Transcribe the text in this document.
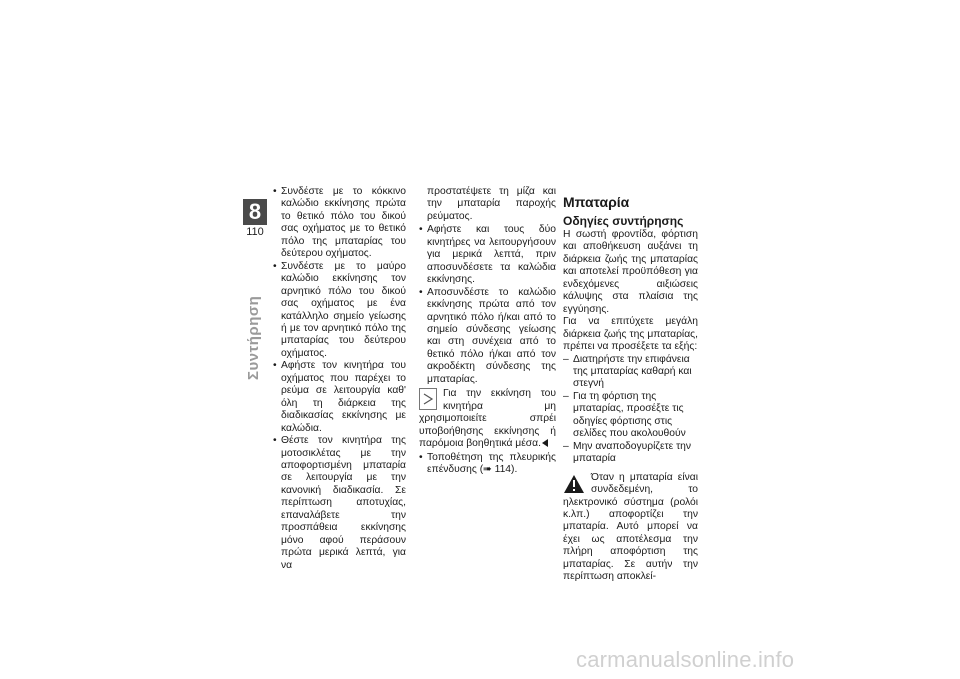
8
110
Συντήρηση
• Συνδέστε με το κόκκινο καλώδιο εκκίνησης πρώτα το θετικό πόλο του δικού σας οχήματος με το θετικό πόλο της μπαταρίας του δεύτερου οχήματος.
• Συνδέστε με το μαύρο καλώδιο εκκίνησης τον αρνητικό πόλο του δικού σας οχήματος με ένα κατάλληλο σημείο γείωσης ή με τον αρνητικό πόλο της μπαταρίας του δεύτερου οχήματος.
• Αφήστε τον κινητήρα του οχήματος που παρέχει το ρεύμα σε λειτουργία καθ' όλη τη διάρκεια της διαδικασίας εκκίνησης με καλώδια.
• Θέστε τον κινητήρα της μοτοσικλέτας με την αποφορτισμένη μπαταρία σε λειτουργία με την κανονική διαδικασία. Σε περίπτωση αποτυχίας, επαναλάβετε την προσπάθεια εκκίνησης μόνο αφού περάσουν πρώτα μερικά λεπτά, για να

προστατέψετε τη μίζα και την μπαταρία παροχής ρεύματος.

• Αφήστε και τους δύο κινητήρες να λειτουργήσουν για μερικά λεπτά, πριν αποσυνδέσετε τα καλώδια εκκίνησης.
• Αποσυνδέστε το καλώδιο εκκίνησης πρώτα από τον αρνητικό πόλο ή/και από το σημείο σύνδεσης γείωσης και στη συνέχεια από το θετικό πόλο ή/και από τον ακροδέκτη σύνδεσης της μπαταρίας.

Για την εκκίνηση του κινητήρα μη χρησιμοποιείτε σπρέι υποβοήθησης εκκίνησης ή παρόμοια βοηθητικά μέσα.

• Τοποθέτηση της πλευρικής επένδυσης (➠ 114).
Μπαταρία
Οδηγίες συντήρησης

Η σωστή φροντίδα, φόρτιση και αποθήκευση αυξάνει τη διάρκεια ζωής της μπαταρίας και αποτελεί προϋπόθεση για ενδεχόμενες αιξιώσεις κάλυψης στα πλαίσια της εγγύησης.

Για να επιτύχετε μεγάλη διάρκεια ζωής της μπαταρίας, πρέπει να προσέξετε τα εξής:

– Διατηρήστε την επιφάνεια της μπαταρίας καθαρή και στεγνή
– Για τη φόρτιση της μπαταρίας, προσέξτε τις οδηγίες φόρτισης στις σελίδες που ακολουθούν
– Μην αναποδογυρίζετε την μπαταρία

Όταν η μπαταρία είναι συνδεδεμένη, το ηλεκτρονικό σύστημα (ρολόι κ.λπ.) αποφορτίζει την μπαταρία. Αυτό μπορεί να έχει ως αποτέλεσμα την πλήρη αποφόρτιση της μπαταρίας. Σε αυτήν την περίπτωση αποκλεί-

carmanualsonline.info
